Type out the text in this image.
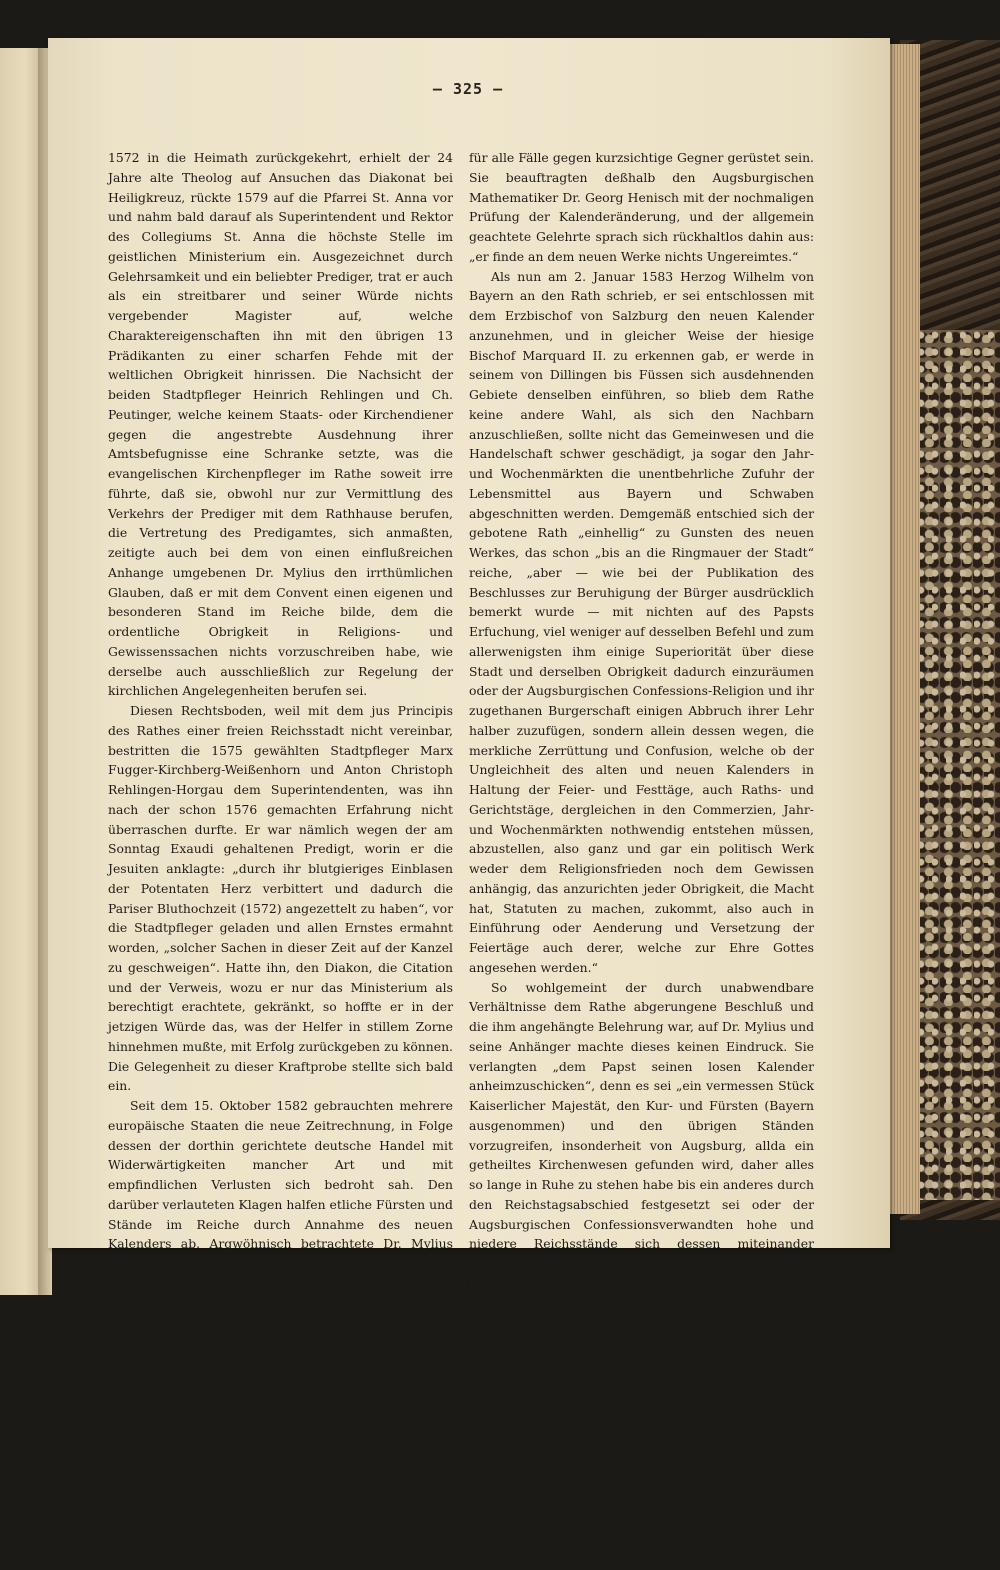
— 325 —

1572 in die Heimath zurückgekehrt, erhielt der 24 Jahre alte Theolog auf Ansuchen das Diakonat bei Heiligkreuz, rückte 1579 auf die Pfarrei St. Anna vor und nahm bald darauf als Superintendent und Rektor des Collegiums St. Anna die höchste Stelle im geistlichen Ministerium ein. Ausgezeichnet durch Gelehrsamkeit und ein beliebter Prediger, trat er auch als ein streitbarer und seiner Würde nichts vergebender Magister auf, welche Charaktereigenschaften ihn mit den übrigen 13 Prädikanten zu einer scharfen Fehde mit der weltlichen Obrigkeit hinrissen. Die Nachsicht der beiden Stadtpfleger Heinrich Rehlingen und Ch. Peutinger, welche keinem Staats- oder Kirchendiener gegen die angestrebte Ausdehnung ihrer Amtsbefugnisse eine Schranke setzte, was die evangelischen Kirchenpfleger im Rathe soweit irre führte, daß sie, obwohl nur zur Vermittlung des Verkehrs der Prediger mit dem Rathhause berufen, die Vertretung des Predigamtes, sich anmaßten, zeitigte auch bei dem von einen einflußreichen Anhange umgebenen Dr. Mylius den irrthümlichen Glauben, daß er mit dem Convent einen eigenen und besonderen Stand im Reiche bilde, dem die ordentliche Obrigkeit in Religions- und Gewissenssachen nichts vorzuschreiben habe, wie derselbe auch ausschließlich zur Regelung der kirchlichen Angelegenheiten berufen sei.

Diesen Rechtsboden, weil mit dem jus Principis des Rathes einer freien Reichsstadt nicht vereinbar, bestritten die 1575 gewählten Stadtpfleger Marx Fugger-Kirchberg-Weißenhorn und Anton Christoph Rehlingen-Horgau dem Superintendenten, was ihn nach der schon 1576 gemachten Erfahrung nicht überraschen durfte. Er war nämlich wegen der am Sonntag Exaudi gehaltenen Predigt, worin er die Jesuiten anklagte: „durch ihr blutgieriges Einblasen der Potentaten Herz verbittert und dadurch die Pariser Bluthochzeit (1572) angezettelt zu haben“, vor die Stadtpfleger geladen und allen Ernstes ermahnt worden, „solcher Sachen in dieser Zeit auf der Kanzel zu geschweigen“. Hatte ihn, den Diakon, die Citation und der Verweis, wozu er nur das Ministerium als berechtigt erachtete, gekränkt, so hoffte er in der jetzigen Würde das, was der Helfer in stillem Zorne hinnehmen mußte, mit Erfolg zurückgeben zu können. Die Gelegenheit zu dieser Kraftprobe stellte sich bald ein.

Seit dem 15. Oktober 1582 gebrauchten mehrere europäische Staaten die neue Zeitrechnung, in Folge dessen der dorthin gerichtete deutsche Handel mit Widerwärtigkeiten mancher Art und mit empfindlichen Verlusten sich bedroht sah. Den darüber verlauteten Klagen halfen etliche Fürsten und Stände im Reiche durch Annahme des neuen Kalenders ab. Argwöhnisch betrachtete Dr. Mylius diese Vorgänge, und er hielt es jetzt an der Zeit, ehe auch der hiesige Rath mit der Angelegenheit sich beschäftigen könnte, seine Gemeinde an den Gedanken zu gewöhnen, Allem, was vom dem Papste ausgehe, die Kirchen zu verschließen. Willig gehorchte der gemeine, urtheilslose Haufen dem Lockrufe, der aber auch gebildete Männer verführte, darunter sonderbarer Weise den berühmten Botaniker und Stadtarzt Dr. Adolf Occo (geb. 1524), welchem Deutschland die Einfuhr der Tabakpflanze verdankte. Aergerlich über die voreilige Verhetzung der Bürgerschaft, vermieden doch die katholischen Stadtpfleger jeden Schein der Gewissensbedrückung und sie schritten gegen die Prädikanten nicht ein; allein mit ungetrübtem Blicke in die Zukunft schauend, wollten sie

für alle Fälle gegen kurzsichtige Gegner gerüstet sein. Sie beauftragten deßhalb den Augsburgischen Mathematiker Dr. Georg Henisch mit der nochmaligen Prüfung der Kalenderänderung, und der allgemein geachtete Gelehrte sprach sich rückhaltlos dahin aus: „er finde an dem neuen Werke nichts Ungereimtes.“

Als nun am 2. Januar 1583 Herzog Wilhelm von Bayern an den Rath schrieb, er sei entschlossen mit dem Erzbischof von Salzburg den neuen Kalender anzunehmen, und in gleicher Weise der hiesige Bischof Marquard II. zu erkennen gab, er werde in seinem von Dillingen bis Füssen sich ausdehnenden Gebiete denselben einführen, so blieb dem Rathe keine andere Wahl, als sich den Nachbarn anzuschließen, sollte nicht das Gemeinwesen und die Handelschaft schwer geschädigt, ja sogar den Jahr- und Wochenmärkten die unentbehrliche Zufuhr der Lebensmittel aus Bayern und Schwaben abgeschnitten werden. Demgemäß entschied sich der gebotene Rath „einhellig“ zu Gunsten des neuen Werkes, das schon „bis an die Ringmauer der Stadt“ reiche, „aber — wie bei der Publikation des Beschlusses zur Beruhigung der Bürger ausdrücklich bemerkt wurde — mit nichten auf des Papsts Erfuchung, viel weniger auf desselben Befehl und zum allerwenigsten ihm einige Superiorität über diese Stadt und derselben Obrigkeit dadurch einzuräumen oder der Augsburgischen Confessions-Religion und ihr zugethanen Burgerschaft einigen Abbruch ihrer Lehr halber zuzufügen, sondern allein dessen wegen, die merkliche Zerrüttung und Confusion, welche ob der Ungleichheit des alten und neuen Kalenders in Haltung der Feier- und Festtäge, auch Raths- und Gerichtstäge, dergleichen in den Commerzien, Jahr- und Wochenmärkten nothwendig entstehen müssen, abzustellen, also ganz und gar ein politisch Werk weder dem Religionsfrieden noch dem Gewissen anhängig, das anzurichten jeder Obrigkeit, die Macht hat, Statuten zu machen, zukommt, also auch in Einführung oder Aenderung und Versetzung der Feiertäge auch derer, welche zur Ehre Gottes angesehen werden.“

So wohlgemeint der durch unabwendbare Verhältnisse dem Rathe abgerungene Beschluß und die ihm angehängte Belehrung war, auf Dr. Mylius und seine Anhänger machte dieses keinen Eindruck. Sie verlangten „dem Papst seinen losen Kalender anheimzuschicken“, denn es sei „ein vermessen Stück Kaiserlicher Majestät, den Kur- und Fürsten (Bayern ausgenommen) und den übrigen Ständen vorzugreifen, insonderheit von Augsburg, allda ein getheiltes Kirchenwesen gefunden wird, daher alles so lange in Ruhe zu stehen habe bis ein anderes durch den Reichstagsabschied festgesetzt sei oder der Augsburgischen Confessionsverwandten hohe und niedere Reichsstände sich dessen miteinander einhellig verglichen haben werden“. Weil die drei Kirchenpfleger sich anmaßten, „die ganz unbescheidene Schrift“ am 15. Januar zu vertheidigen, so wurden sie „unter Verweisung ihres Unfugs glimpflich verabschiedet“, die Supplikanten aber verständigt, daß es bei dem Rathsbeschluß verbleibe. Die dadurch wegen ihrer Religion geängstigten evangelischen Bürger, bestärkt in dem Irrthume, daß der Rath nur auf die Ausrottung der Augsburgischen Confession abziele, scheuten sich jetzt nicht, gegen die eigene Obrigkeit den Rechtsweg einzuschlagen. Sie reichten bei dem Kammergericht zu Speyer eine Klage ein und verbanden damit die Bitte um ein mandatum sine clausula, das ihnen auffallender Weise schon am 26. März
